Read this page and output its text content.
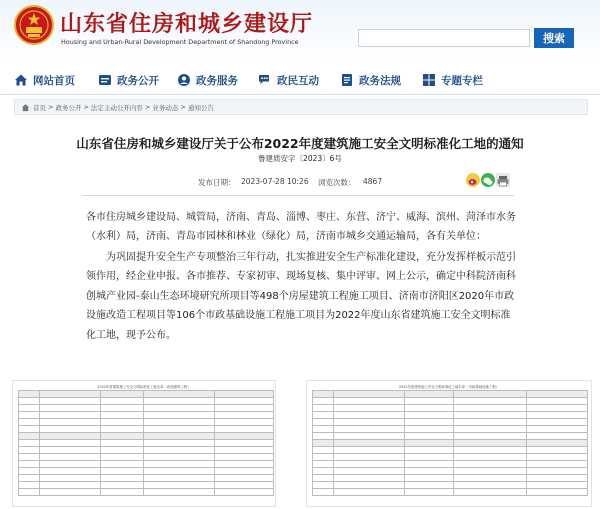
山东省住房和城乡建设厅
Housing and Urban-Rural Development Department of Shandong Province	搜索
网站首页	政务公开	政务服务	政民互动	政务法规	专题专栏
首页 > 政务公开 > 法定主动公开内容 > 业务动态 > 通知公告
山东省住房和城乡建设厅关于公布2022年度建筑施工安全文明标准化工地的通知
鲁建质安字〔2023〕6号
发布日期： 2023-07-28 10:26 浏览次数： 4867
各市住房城乡建设局、城管局，济南、青岛、淄博、枣庄、东营、济宁、威海、滨州、菏泽市水务（水利）局，济南、青岛市园林和林业（绿化）局，济南市城乡交通运输局，各有关单位：
为巩固提升安全生产专项整治三年行动，扎实推进安全生产标准化建设，充分发挥样板示范引领作用，经企业申报、各市推荐、专家初审、现场复核、集中评审、网上公示，确定中科院济南科创城产业园-泰山生态环境研究所项目等498个房屋建筑工程施工项目、济南市济阳区2020年市政设施改造工程项目等106个市政基础设施工程施工项目为2022年度山东省建筑施工安全文明标准化工地，现予公布。
2022年度建筑施工安全文明标准化工地名单（房屋建筑工程）

					2022年度建筑施工安全文明标准化工地名单（市政基础设施工程）
